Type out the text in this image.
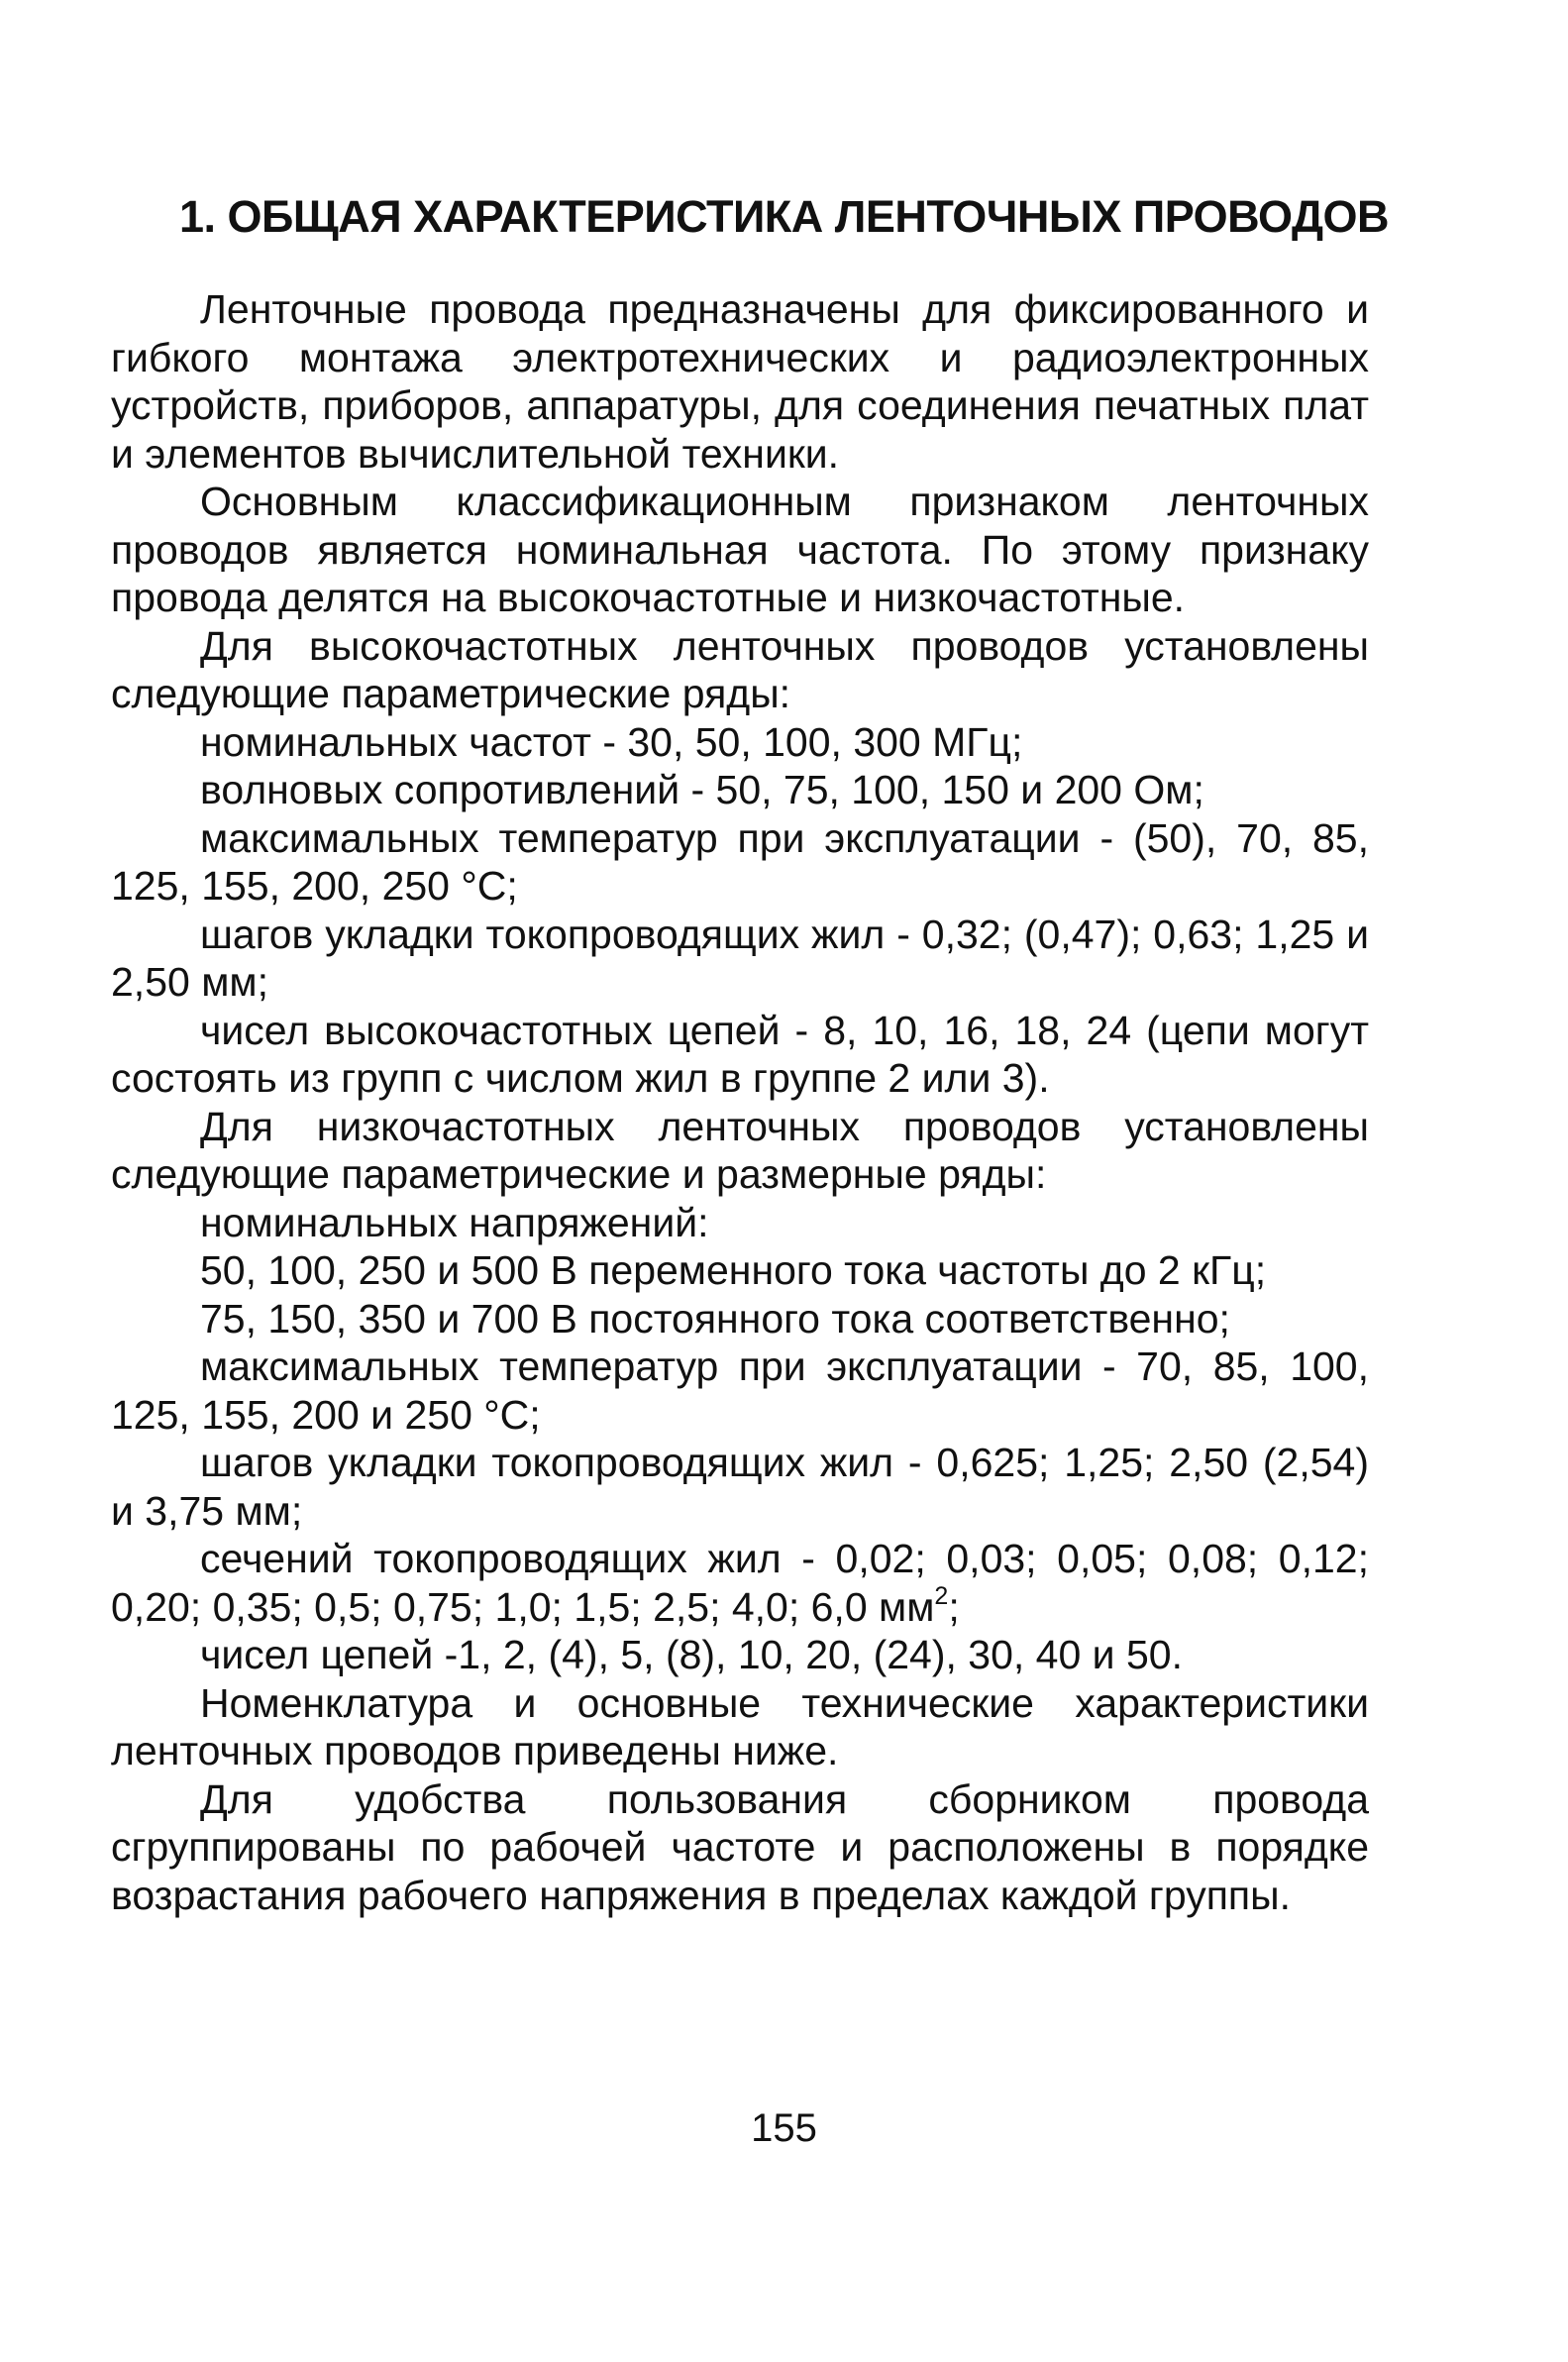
1. ОБЩАЯ ХАРАКТЕРИСТИКА ЛЕНТОЧНЫХ ПРОВОДОВ

Ленточные провода предназначены для фиксированного и гибкого монтажа электротехнических и радиоэлектронных устройств, приборов, аппаратуры, для соединения печатных плат и элементов вычислительной техники.

Основным классификационным признаком ленточных проводов является номинальная частота. По этому признаку провода делятся на высокочастотные и низкочастотные.

Для высокочастотных ленточных проводов установлены следующие параметрические ряды:

номинальных частот - 30, 50, 100, 300 МГц;

волновых сопротивлений - 50, 75, 100, 150 и 200 Ом;

максимальных температур при эксплуатации - (50), 70, 85, 125, 155, 200, 250 °С;

шагов укладки токопроводящих жил - 0,32; (0,47); 0,63; 1,25 и 2,50 мм;

чисел высокочастотных цепей - 8, 10, 16, 18, 24 (цепи могут состоять из групп с числом жил в группе 2 или 3).

Для низкочастотных ленточных проводов установлены следующие параметрические и размерные ряды:

номинальных напряжений:

50, 100, 250 и 500 В переменного тока частоты до 2 кГц;

75, 150, 350 и 700 В постоянного тока соответственно;

максимальных температур при эксплуатации - 70, 85, 100, 125, 155, 200 и 250 °С;

шагов укладки токопроводящих жил - 0,625; 1,25; 2,50 (2,54) и 3,75 мм;

сечений токопроводящих жил - 0,02; 0,03; 0,05; 0,08; 0,12; 0,20; 0,35; 0,5; 0,75; 1,0; 1,5; 2,5; 4,0; 6,0 $мм^2$;

чисел цепей -1, 2, (4), 5, (8), 10, 20, (24), 30, 40 и 50.

Номенклатура и основные технические характеристики ленточных проводов приведены ниже.

Для удобства пользования сборником провода сгруппированы по рабочей частоте и расположены в порядке возрастания рабочего напряжения в пределах каждой группы.

155
